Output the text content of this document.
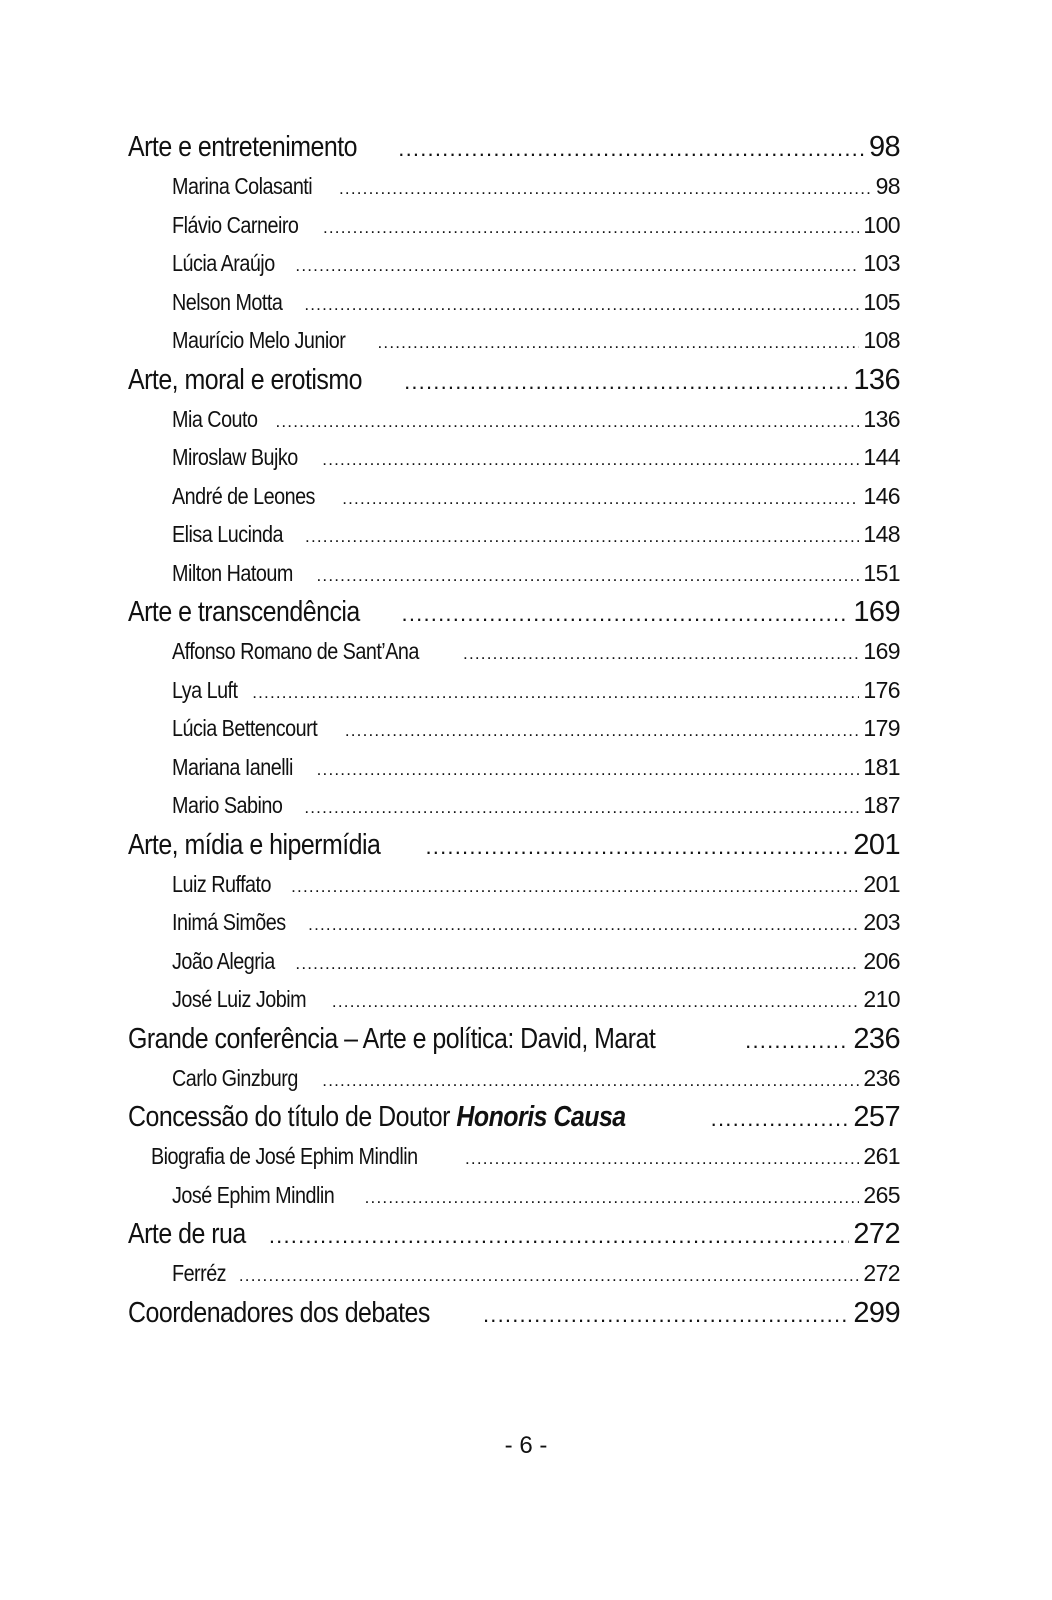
Arte e entretenimento .....	98
Marina Colasanti .....	98
Flávio Carneiro .....	100
Lúcia Araújo .....	103
Nelson Motta .....	105
Maurício Melo Junior .....	108
Arte, moral e erotismo .....	136
Mia Couto .....	136
Miroslaw Bujko .....	144
André de Leones .....	146
Elisa Lucinda .....	148
Milton Hatoum .....	151
Arte e transcendência .....	169
Affonso Romano de Sant’Ana .....	169
Lya Luft .....	176
Lúcia Bettencourt .....	179
Mariana Ianelli .....	181
Mario Sabino .....	187
Arte, mídia e hipermídia .....	201
Luiz Ruffato .....	201
Inimá Simões .....	203
João Alegria .....	206
José Luiz Jobim .....	210
Grande conferência – Arte e política: David, Marat .....	236
Carlo Ginzburg .....	236
Concessão do título de Doutor Honoris Causa .....	257
Biografia de José Ephim Mindlin .....	261
José Ephim Mindlin .....	265
Arte de rua .....	272
Ferréz .....	272
Coordenadores dos debates .....	299
- 6 -
